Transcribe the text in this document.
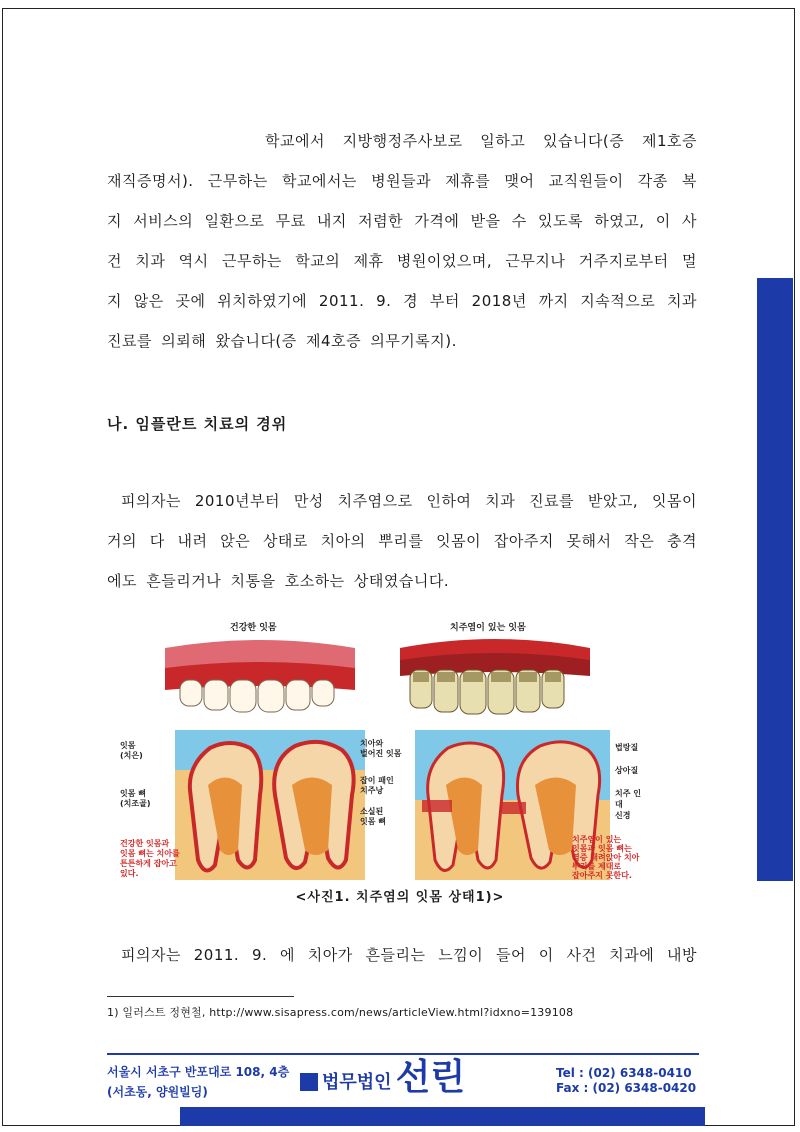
학교에서 지방행정주사보로 일하고 있습니다(증 제1호증
재직증명서). 근무하는 학교에서는 병원들과 제휴를 맺어 교직원들이 각종 복
지 서비스의 일환으로 무료 내지 저렴한 가격에 받을 수 있도록 하였고, 이 사
건 치과 역시 근무하는 학교의 제휴 병원이었으며, 근무지나 거주지로부터 멀
지 않은 곳에 위치하였기에 2011. 9. 경 부터 2018년 까지 지속적으로 치과
진료를 의뢰해 왔습니다(증 제4호증 의무기록지).
나. 임플란트 치료의 경위
피의자는 2010년부터 만성 치주염으로 인하여 치과 진료를 받았고, 잇몸이
거의 다 내려 앉은 상태로 치아의 뿌리를 잇몸이 잡아주지 못해서 작은 충격
에도 흔들리거나 치통을 호소하는 상태였습니다.
건강한 잇몸	치주염이 있는 잇몸
잇몸
(치은)
잇몸 뼈
(치조골)
건강한 잇몸과
잇몸 뼈는 치아를
튼튼하게 잡아고
있다.
치아와
벌어진 잇몸
잡이 패인
치주낭
소실된
잇몸 뼈
법랑질
상아질
치주 인대
신경
치주염이 있는
잇몸과 잇몸 뼈는
염증 내려앉아 치아
뿌리를 제대로
잡아주지 못한다.
<사진1. 치주염의 잇몸 상태1)>
피의자는 2011. 9. 에 치아가 흔들리는 느낌이 들어 이 사건 치과에 내방
1) 일러스트 정현철, http://www.sisapress.com/news/articleView.html?idxno=139108
서울시 서초구 반포대로 108, 4층
(서초동, 양원빌딩)	법무법인 선린	Tel : (02) 6348-0410
Fax : (02) 6348-0420
